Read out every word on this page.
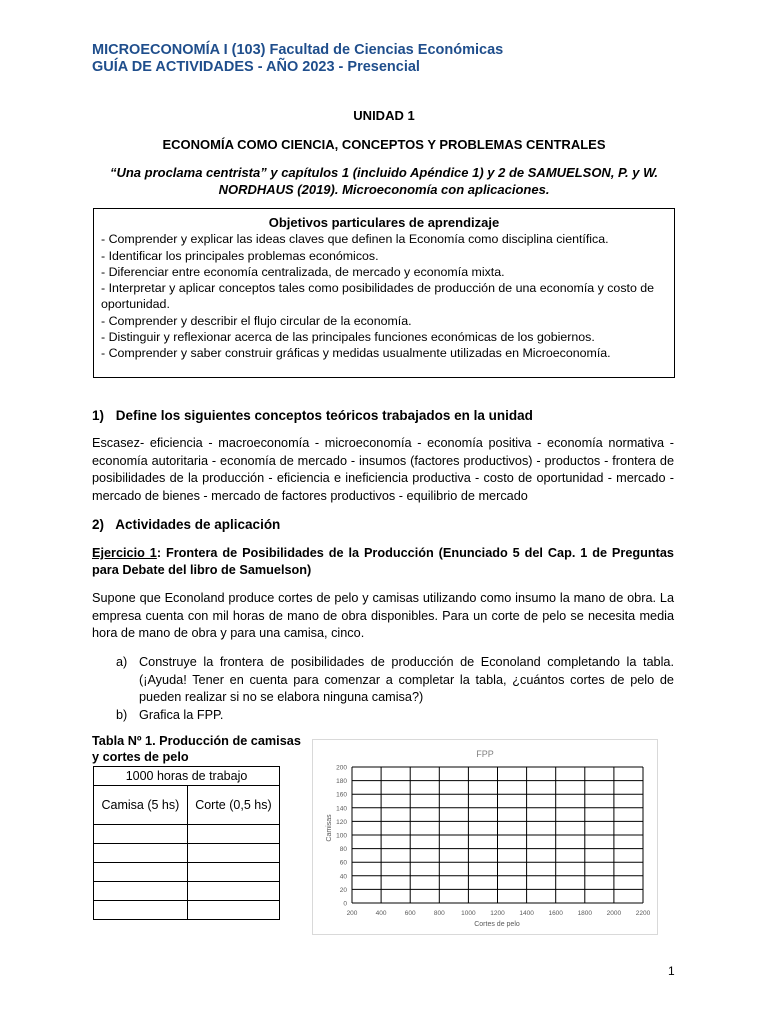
MICROECONOMÍA I (103) Facultad de Ciencias Económicas
GUÍA DE ACTIVIDADES - AÑO 2023 - Presencial
UNIDAD 1
ECONOMÍA COMO CIENCIA, CONCEPTOS Y PROBLEMAS CENTRALES
“Una proclama centrista” y capítulos 1 (incluido Apéndice 1) y 2 de SAMUELSON, P. y W.
NORDHAUS (2019). Microeconomía con aplicaciones.
Objetivos particulares de aprendizaje
- Comprender y explicar las ideas claves que definen la Economía como disciplina científica.
- Identificar los principales problemas económicos.
- Diferenciar entre economía centralizada, de mercado y economía mixta.
- Interpretar y aplicar conceptos tales como posibilidades de producción de una economía y costo de oportunidad.
- Comprender y describir el flujo circular de la economía.
- Distinguir y reflexionar acerca de las principales funciones económicas de los gobiernos.
- Comprender y saber construir gráficas y medidas usualmente utilizadas en Microeconomía.
1) Define los siguientes conceptos teóricos trabajados en la unidad
Escasez- eficiencia - macroeconomía - microeconomía - economía positiva - economía normativa - economía autoritaria - economía de mercado - insumos (factores productivos) - productos - frontera de posibilidades de la producción - eficiencia e ineficiencia productiva - costo de oportunidad - mercado - mercado de bienes - mercado de factores productivos - equilibrio de mercado
2) Actividades de aplicación
Ejercicio 1: Frontera de Posibilidades de la Producción (Enunciado 5 del Cap. 1 de Preguntas para Debate del libro de Samuelson)
Supone que Econoland produce cortes de pelo y camisas utilizando como insumo la mano de obra. La empresa cuenta con mil horas de mano de obra disponibles. Para un corte de pelo se necesita media hora de mano de obra y para una camisa, cinco.
a) Construye la frontera de posibilidades de producción de Econoland completando la tabla. (¡Ayuda! Tener en cuenta para comenzar a completar la tabla, ¿cuántos cortes de pelo de pueden realizar si no se elabora ninguna camisa?)
b) Grafica la FPP.
Tabla Nº 1. Producción de camisas y cortes de pelo
1000 horas de trabajo	
Camisa (5 hs)	Corte (0,5 hs)

FPP
Cortes de pelo
Camisas
0
20
40
60
80
100
120
140
160
180
200
200	400	600	800	1000 1200 1400 1600 1800 2000 2200
1
